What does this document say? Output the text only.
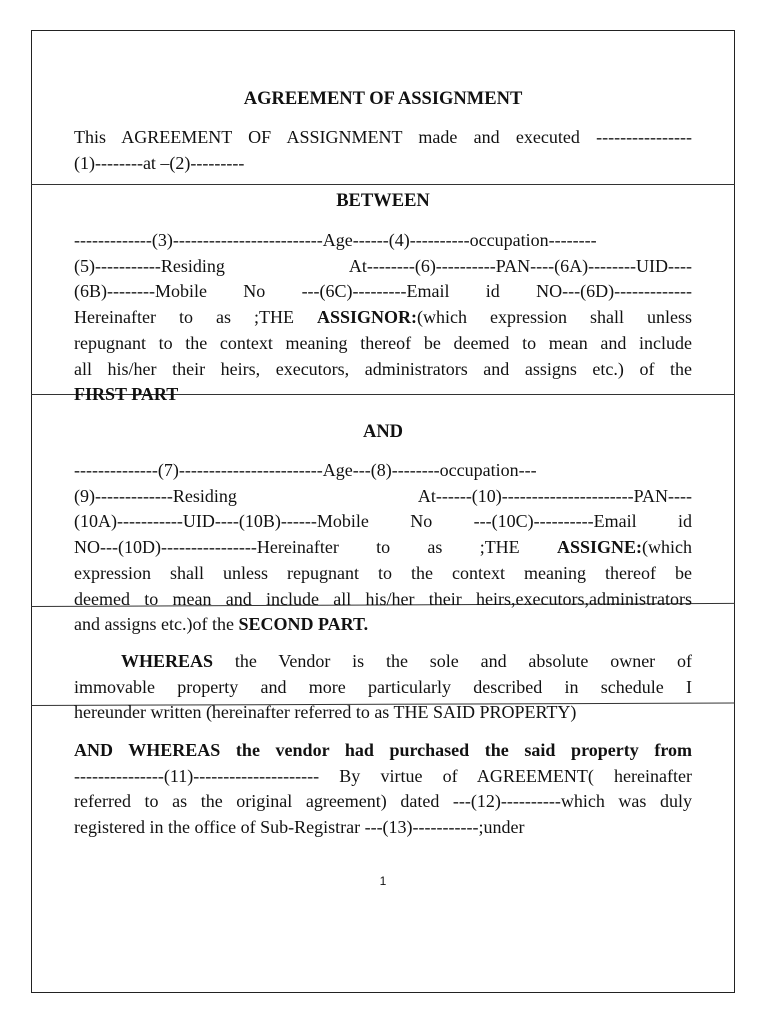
AGREEMENT OF ASSIGNMENT
This AGREEMENT OF ASSIGNMENT made and executed ----------------
(1)--------at –(2)---------
BETWEEN
-------------(3)-------------------------Age------(4)----------occupation--------
(5)-----------Residing At--------(6)----------PAN----(6A)--------UID----
(6B)--------Mobile No ---(6C)---------Email id NO---(6D)-------------
Hereinafter to as ;THE ASSIGNOR:(which expression shall unless
repugnant to the context meaning thereof be deemed to mean and include
all his/her their heirs, executors, administrators and assigns etc.) of the
FIRST PART
AND
--------------(7)------------------------Age---(8)--------occupation---
(9)-------------Residing At------(10)----------------------PAN----
(10A)-----------UID----(10B)------Mobile No ---(10C)----------Email id
NO---(10D)----------------Hereinafter to as ;THE ASSIGNE:(which
expression shall unless repugnant to the context meaning thereof be
deemed to mean and include all his/her their heirs,executors,administrators
and assigns etc.)of the SECOND PART.
WHEREAS the Vendor is the sole and absolute owner of
immovable property and more particularly described in schedule I
hereunder written (hereinafter referred to as THE SAID PROPERTY)
AND WHEREAS the vendor had purchased the said property from
---------------(11)--------------------- By virtue of AGREEMENT( hereinafter
referred to as the original agreement) dated ---(12)----------which was duly
registered in the office of Sub-Registrar ---(13)-----------;under
1
